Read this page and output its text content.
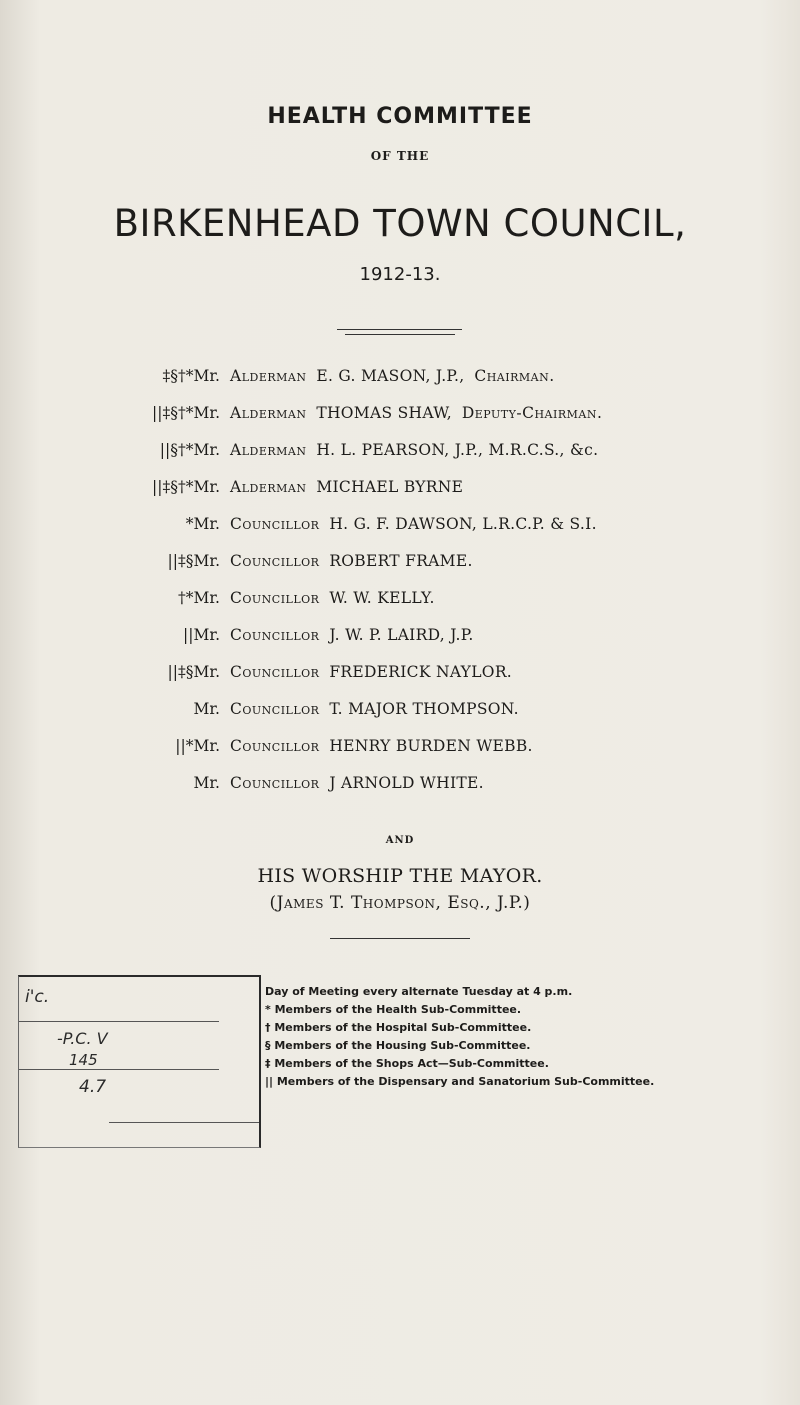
HEALTH COMMITTEE
OF THE
BIRKENHEAD TOWN COUNCIL,
1912-13.
‡§†*Mr. Alderman E. G. MASON, J.P., Chairman.
||‡§†*Mr. Alderman THOMAS SHAW, Deputy-Chairman.
||§†*Mr. Alderman H. L. PEARSON, J.P., M.R.C.S., &c.
||‡§†*Mr. Alderman MICHAEL BYRNE
*Mr. Councillor H. G. F. DAWSON, L.R.C.P. & S.I.
||‡§Mr. Councillor ROBERT FRAME.
†*Mr. Councillor W. W. KELLY.
||Mr. Councillor J. W. P. LAIRD, J.P.
||‡§Mr. Councillor FREDERICK NAYLOR.
Mr. Councillor T. MAJOR THOMPSON.
||*Mr. Councillor HENRY BURDEN WEBB.
Mr. Councillor J ARNOLD WHITE.
AND
HIS WORSHIP THE MAYOR.
(James T. Thompson, Esq., J.P.)
i'c.
-P.C. V
145
4.7
Day of Meeting every alternate Tuesday at 4 p.m.
* Members of the Health Sub-Committee.
† Members of the Hospital Sub-Committee.
§ Members of the Housing Sub-Committee.
‡ Members of the Shops Act—Sub-Committee.
|| Members of the Dispensary and Sanatorium Sub-Committee.
